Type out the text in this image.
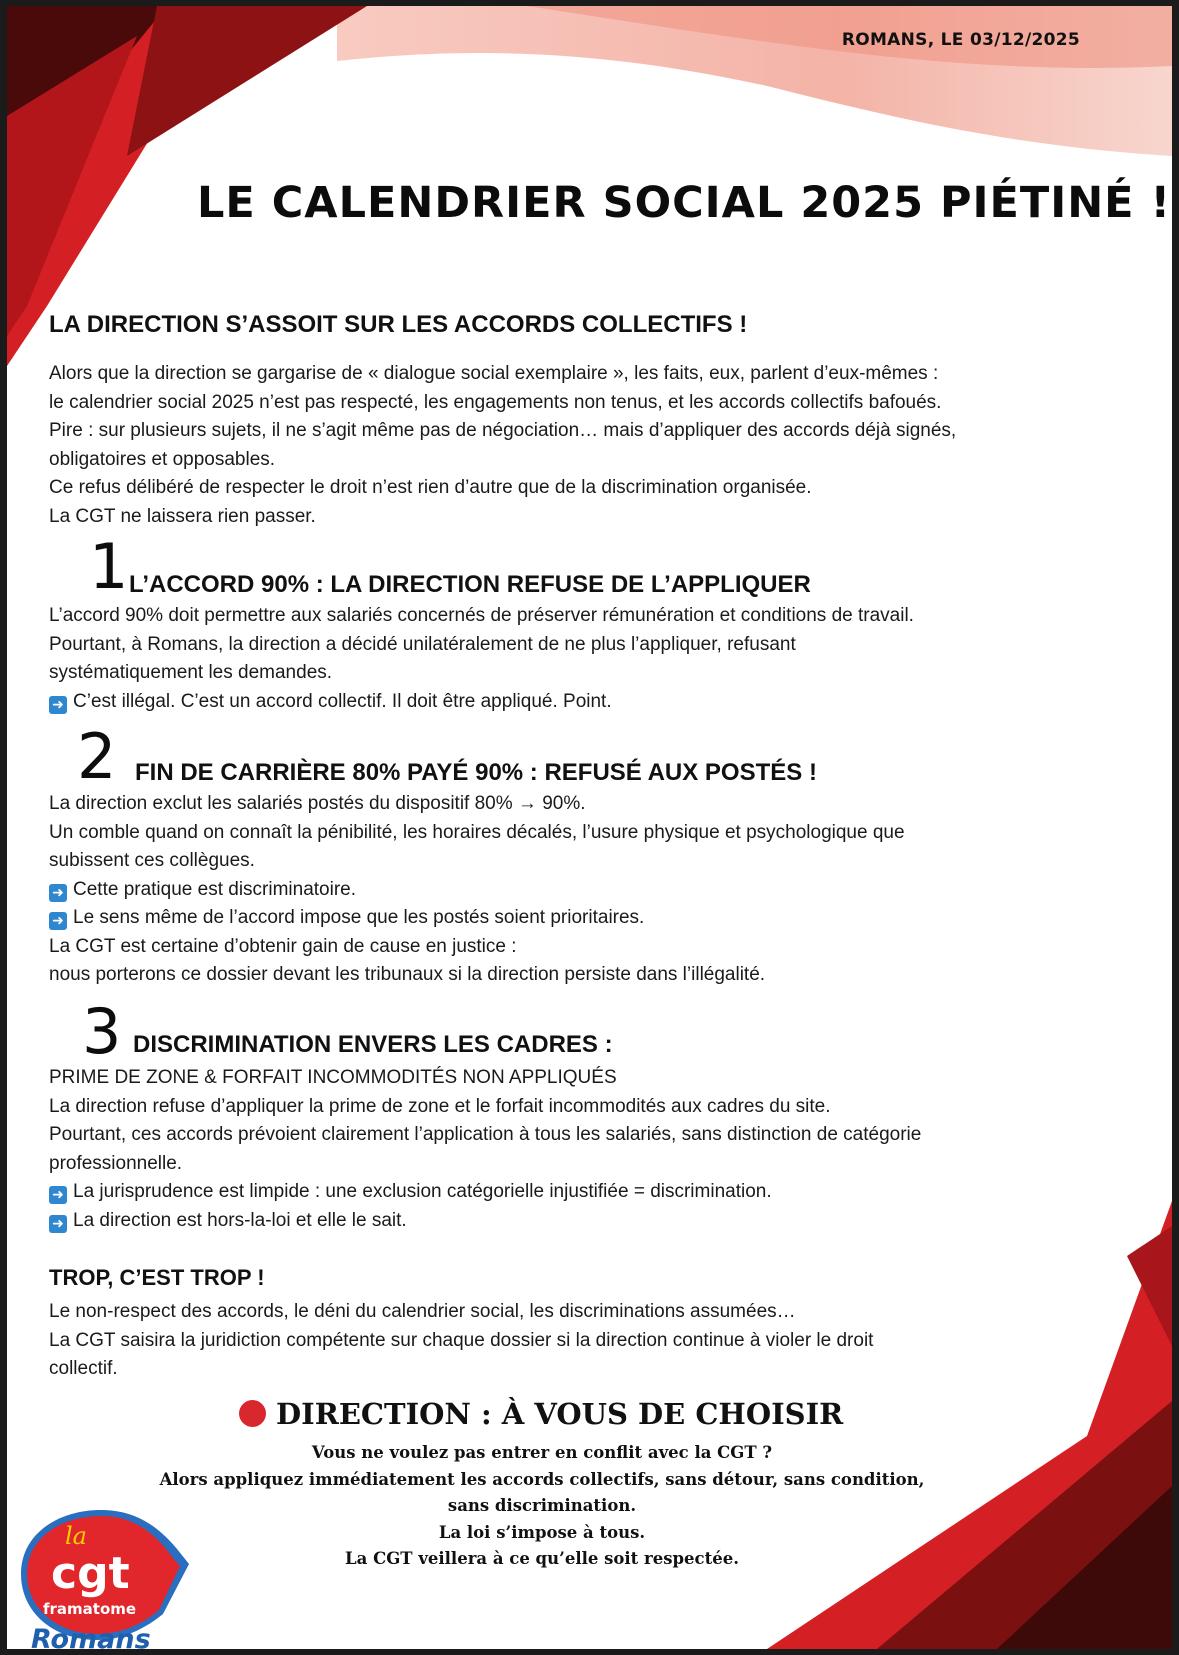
ROMANS, LE 03/12/2025
LE CALENDRIER SOCIAL 2025 PIÉTINÉ !
LA DIRECTION S’ASSOIT SUR LES ACCORDS COLLECTIFS !
Alors que la direction se gargarise de « dialogue social exemplaire », les faits, eux, parlent d’eux-mêmes :
le calendrier social 2025 n’est pas respecté, les engagements non tenus, et les accords collectifs bafoués.
Pire : sur plusieurs sujets, il ne s’agit même pas de négociation… mais d’appliquer des accords déjà signés,
obligatoires et opposables.
Ce refus délibéré de respecter le droit n’est rien d’autre que de la discrimination organisée.
La CGT ne laissera rien passer.
1 L’ACCORD 90% : LA DIRECTION REFUSE DE L’APPLIQUER
L’accord 90% doit permettre aux salariés concernés de préserver rémunération et conditions de travail.
Pourtant, à Romans, la direction a décidé unilatéralement de ne plus l’appliquer, refusant
systématiquement les demandes.
➜ C’est illégal. C’est un accord collectif. Il doit être appliqué. Point.
2 FIN DE CARRIÈRE 80% PAYÉ 90% : REFUSÉ AUX POSTÉS !
La direction exclut les salariés postés du dispositif 80% → 90%.
Un comble quand on connaît la pénibilité, les horaires décalés, l’usure physique et psychologique que
subissent ces collègues.
➜ Cette pratique est discriminatoire.
➜ Le sens même de l’accord impose que les postés soient prioritaires.
La CGT est certaine d’obtenir gain de cause en justice :
nous porterons ce dossier devant les tribunaux si la direction persiste dans l’illégalité.
3 DISCRIMINATION ENVERS LES CADRES :
PRIME DE ZONE & FORFAIT INCOMMODITÉS NON APPLIQUÉS
La direction refuse d’appliquer la prime de zone et le forfait incommodités aux cadres du site.
Pourtant, ces accords prévoient clairement l’application à tous les salariés, sans distinction de catégorie
professionnelle.
➜ La jurisprudence est limpide : une exclusion catégorielle injustifiée = discrimination.
➜ La direction est hors-la-loi et elle le sait.
TROP, C’EST TROP !
Le non-respect des accords, le déni du calendrier social, les discriminations assumées…
La CGT saisira la juridiction compétente sur chaque dossier si la direction continue à violer le droit
collectif.
DIRECTION : À VOUS DE CHOISIR
Vous ne voulez pas entrer en conflit avec la CGT ?
Alors appliquez immédiatement les accords collectifs, sans détour, sans condition,
sans discrimination.
La loi s’impose à tous.
La CGT veillera à ce qu’elle soit respectée.
la
cgt
framatome
Romans
